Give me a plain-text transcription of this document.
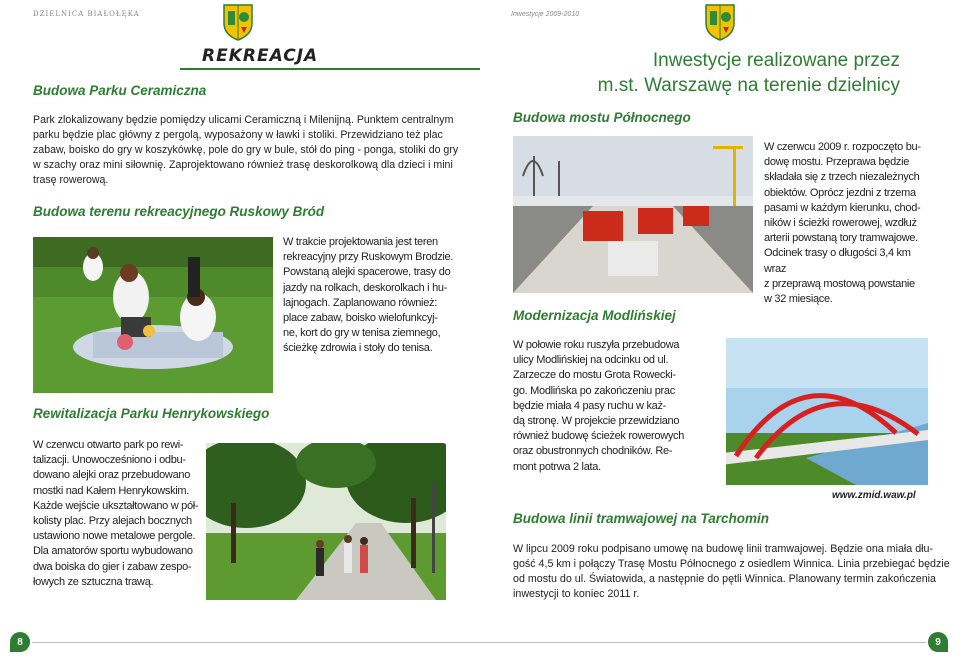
DZIELNICA BIAŁOŁĘKA
REKREACJA
Budowa Parku Ceramiczna
Park zlokalizowany będzie pomiędzy ulicami Ceramiczną i Milenijną. Punktem centralnym
parku będzie plac główny z pergolą, wyposażony w ławki i stoliki. Przewidziano też plac
zabaw, boisko do gry w koszykówkę, pole do gry w bule, stół do ping - ponga, stoliki do gry
w szachy oraz mini siłownię. Zaprojektowano również trasę deskorolkową dla dzieci i mini
trasę rowerową.
Budowa terenu rekreacyjnego Ruskowy Bród
W trakcie projektowania jest teren
rekreacyjny przy Ruskowym Brodzie.
Powstaną alejki spacerowe, trasy do
jazdy na rolkach, deskorolkach i hu-
lajnogach. Zaplanowano również:
place zabaw, boisko wielofunkcyj-
ne, kort do gry w tenisa ziemnego,
ścieżkę zdrowia i stoły do tenisa.
Rewitalizacja Parku Henrykowskiego
W czerwcu otwarto park po rewi-
talizacji. Unowocześniono i odbu-
dowano alejki oraz przebudowano
mostki nad Kałem Henrykowskim.
Każde wejście ukształtowano w pół-
kolisty plac. Przy alejach bocznych
ustawiono nowe metalowe pergole.
Dla amatorów sportu wybudowano
dwa boiska do gier i zabaw zespo-
łowych ze sztuczna trawą.
8
Inwestycje 2009-2010
Inwestycje realizowane przez
m.st. Warszawę na terenie dzielnicy
Budowa mostu Północnego
W czerwcu 2009 r. rozpoczęto bu-
dowę mostu. Przeprawa będzie
składała się z trzech niezależnych
obiektów. Oprócz jezdni z trzema
pasami w każdym kierunku, chod-
ników i ścieżki rowerowej, wzdłuż
arterii powstaną tory tramwajowe.
Odcinek trasy o długości 3,4 km wraz
z przeprawą mostową powstanie
w 32 miesiące.
Modernizacja Modlińskiej
W połowie roku ruszyła przebudowa
ulicy Modlińskiej na odcinku od ul.
Zarzecze do mostu Grota Rowecki-
go. Modlińska po zakończeniu prac
będzie miała 4 pasy ruchu w każ-
dą stronę. W projekcie przewidziano
również budowę ścieżek rowerowych
oraz obustronnych chodników. Re-
mont potrwa 2 lata.
www.zmid.waw.pl
Budowa linii tramwajowej na Tarchomin
W lipcu 2009 roku podpisano umowę na budowę linii tramwajowej. Będzie ona miała dłu-
gość 4,5 km i połączy Trasę Mostu Północnego z osiedlem Winnica. Linia przebiegać będzie
od mostu do ul. Światowida, a następnie do pętli Winnica. Planowany termin zakończenia
inwestycji to koniec 2011 r.
9
